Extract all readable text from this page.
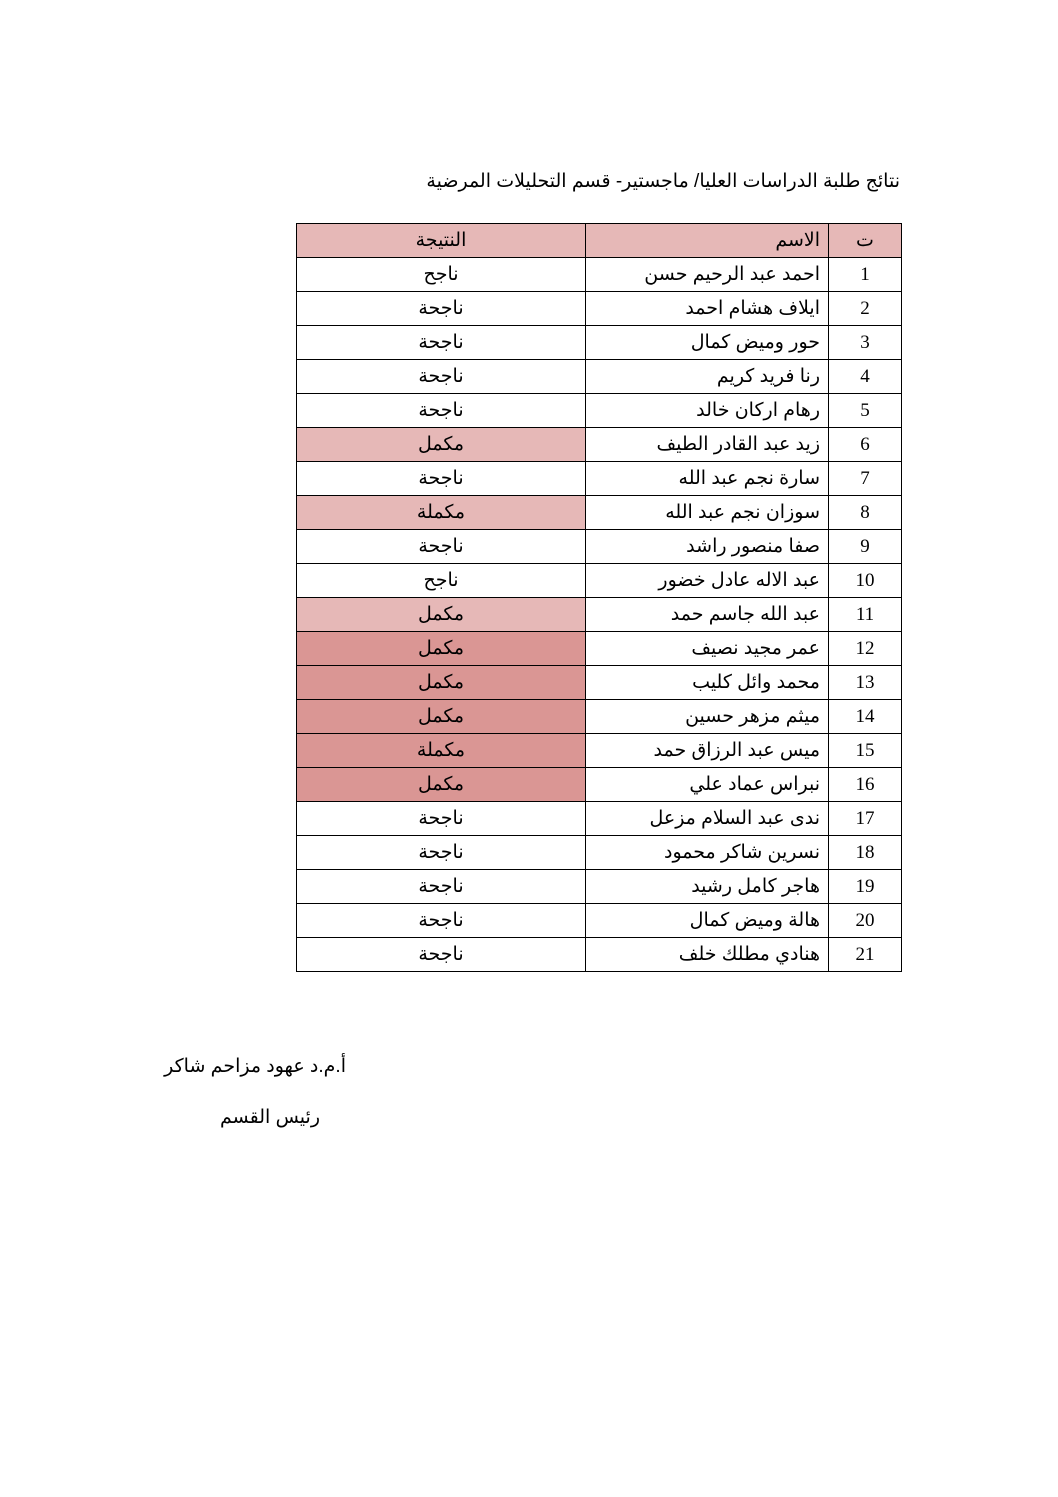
نتائج طلبة الدراسات العليا/ ماجستير- قسم التحليلات المرضية
ت	الاسم	النتيجة
1	احمد عبد الرحيم حسن	ناجح
2	ايلاف هشام احمد	ناجحة
3	حور وميض كمال	ناجحة
4	رنا فريد كريم	ناجحة
5	رهام اركان خالد	ناجحة
6	زيد عبد القادر الطيف	مكمل
7	سارة نجم عبد الله	ناجحة
8	سوزان نجم عبد الله	مكملة
9	صفا منصور راشد	ناجحة
10	عبد الاله عادل خضور	ناجح
11	عبد الله جاسم حمد	مكمل
12	عمر مجيد نصيف	مكمل
13	محمد وائل كليب	مكمل
14	ميثم مزهر حسين	مكمل
15	ميس عبد الرزاق حمد	مكملة
16	نبراس عماد علي	مكمل
17	ندى عبد السلام مزعل	ناجحة
18	نسرين شاكر محمود	ناجحة
19	هاجر كامل رشيد	ناجحة
20	هالة وميض كمال	ناجحة
21	هنادي مطلك خلف	ناجحة
أ.م.د عهود مزاحم شاكر
رئيس القسم
